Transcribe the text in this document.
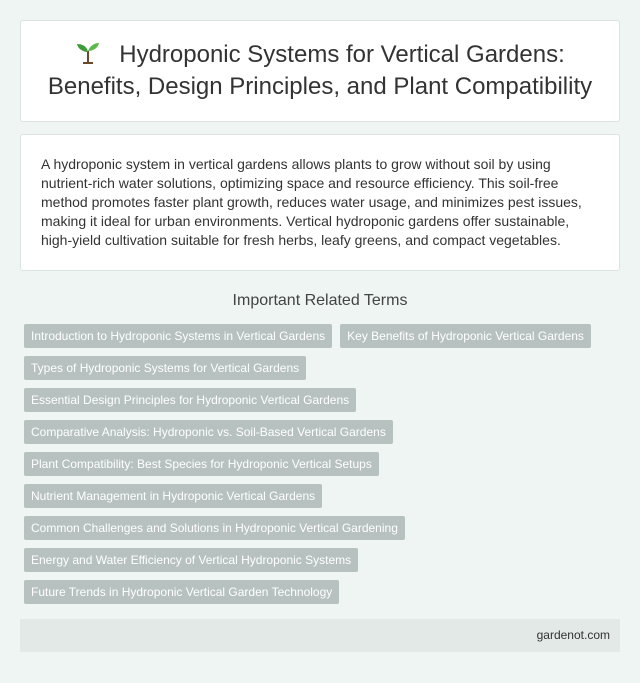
Hydroponic Systems for Vertical Gardens:
Benefits, Design Principles, and Plant Compatibility

A hydroponic system in vertical gardens allows plants to grow without soil by using nutrient-rich water solutions, optimizing space and resource efficiency. This soil-free method promotes faster plant growth, reduces water usage, and minimizes pest issues, making it ideal for urban environments. Vertical hydroponic gardens offer sustainable, high-yield cultivation suitable for fresh herbs, leafy greens, and compact vegetables.

Important Related Terms
Introduction to Hydroponic Systems in Vertical Gardens	Key Benefits of Hydroponic Vertical Gardens
Types of Hydroponic Systems for Vertical Gardens
Essential Design Principles for Hydroponic Vertical Gardens
Comparative Analysis: Hydroponic vs. Soil-Based Vertical Gardens
Plant Compatibility: Best Species for Hydroponic Vertical Setups
Nutrient Management in Hydroponic Vertical Gardens
Common Challenges and Solutions in Hydroponic Vertical Gardening
Energy and Water Efficiency of Vertical Hydroponic Systems
Future Trends in Hydroponic Vertical Garden Technology
gardenot.com
